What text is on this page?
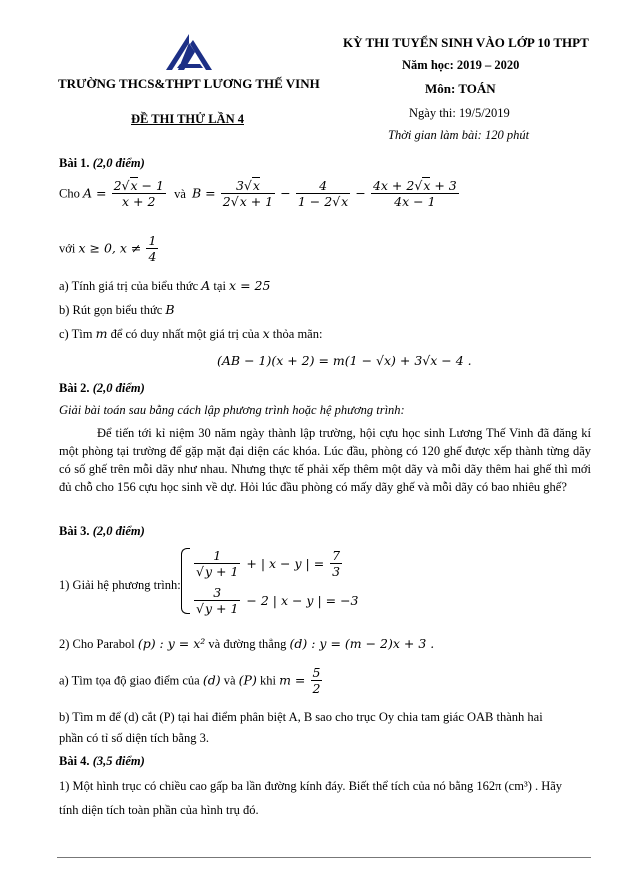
TRƯỜNG THCS&THPT LƯƠNG THẾ VINH
ĐỀ THI THỬ LẦN 4
KỲ THI TUYỂN SINH VÀO LỚP 10 THPT
Năm học: 2019 – 2020
Môn: TOÁN
Ngày thi: 19/5/2019
Thời gian làm bài: 120 phút
Bài 1. (2,0 điểm)
Cho $A = \frac{2√x - 1}{x + 2}$ và $B = \frac{3√x}{2√x + 1} - \frac{4}{1 - 2√x} - \frac{4x + 2√x + 3}{4x - 1}$
với x ≥ 0, $x \ne \frac{1}{4}$
a) Tính giá trị của biểu thức A tại x = 25
b) Rút gọn biểu thức B
c) Tìm m để có duy nhất một giá trị của x thỏa mãn:
(AB − 1)(x + 2) = m(1 − √x) + 3√x − 4 .
Bài 2. (2,0 điểm)
Giải bài toán sau bằng cách lập phương trình hoặc hệ phương trình:
Để tiến tới kỉ niệm 30 năm ngày thành lập trường, hội cựu học sinh Lương Thế Vinh đã đăng kí một phòng tại trường để gặp mặt đại diện các khóa. Lúc đầu, phòng có 120 ghế được xếp thành từng dãy có số ghế trên mỗi dãy như nhau. Nhưng thực tế phải xếp thêm một dãy và mỗi dãy thêm hai ghế thì mới đủ chỗ cho 156 cựu học sinh về dự. Hỏi lúc đầu phòng có mấy dãy ghế và mỗi dãy có bao nhiêu ghế?
Bài 3. (2,0 điểm)
1) Giải hệ phương trình:
$\frac{1}{√y + 1}$ + | x − y | = $\frac{7}{3}$
$\frac{3}{√y + 1} - 2$ | x − y | = −3
2) Cho Parabol (p) : y = x² và đường thẳng (d) : y = (m − 2)x + 3 .
a) Tìm tọa độ giao điểm của (d) và (P) khi $m = \frac{5}{2}$
b) Tìm m để (d) cắt (P) tại hai điểm phân biệt A, B sao cho trục Oy chia tam giác OAB thành hai
phần có tỉ số diện tích bằng 3.
Bài 4. (3,5 điểm)
1) Một hình trục có chiều cao gấp ba lần đường kính đáy. Biết thể tích của nó bằng 162π (cm³) . Hãy
tính diện tích toàn phần của hình trụ đó.
